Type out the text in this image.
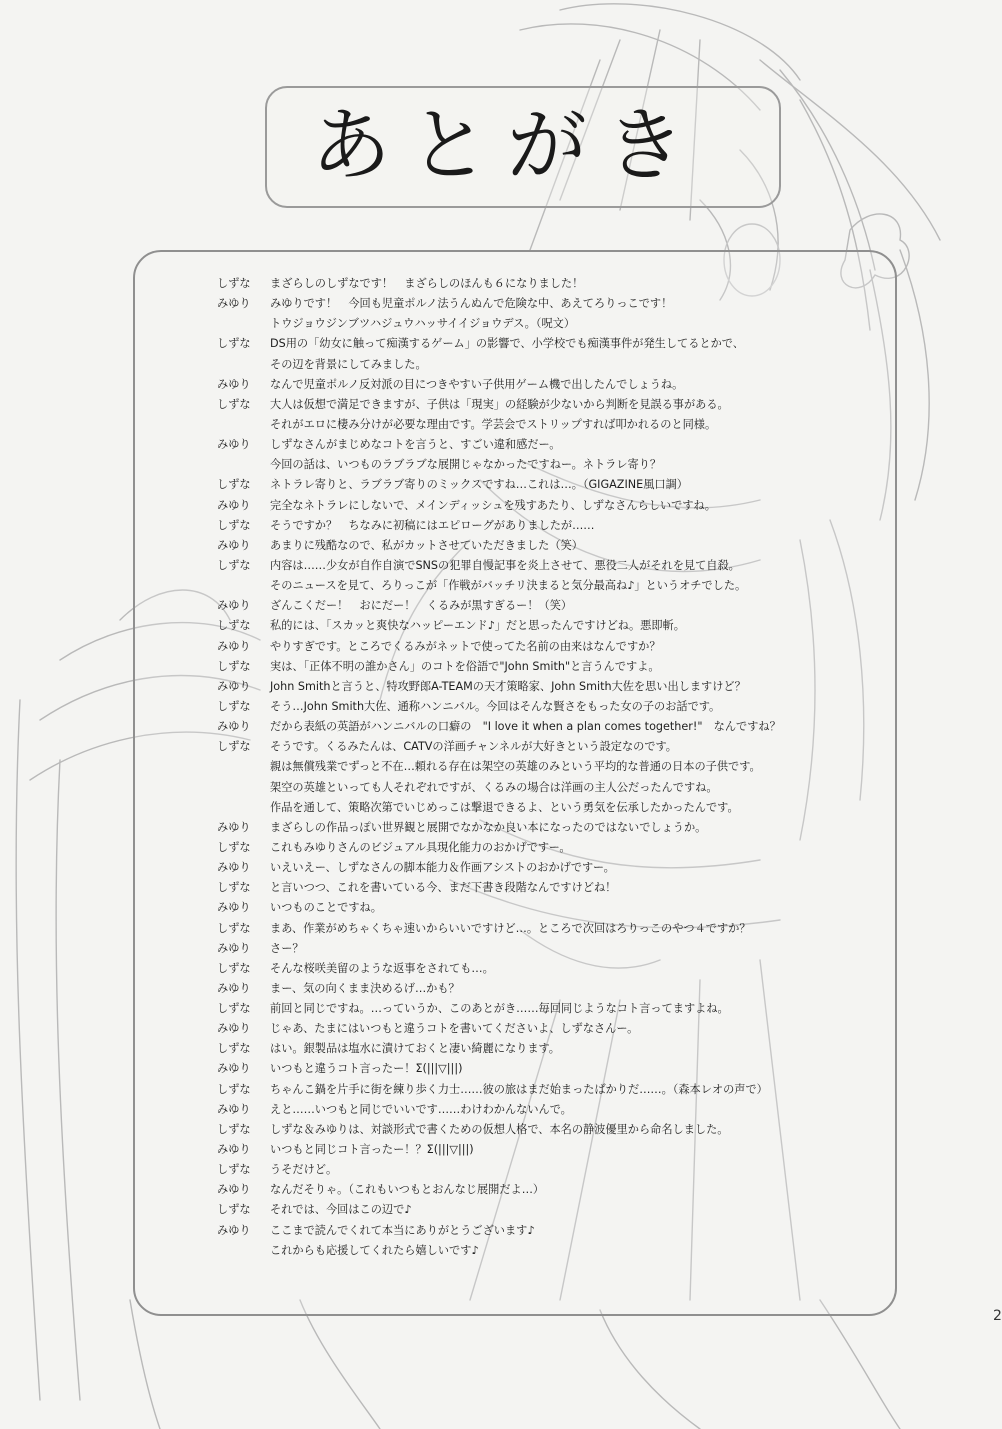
あとがき
しずな	まざらしのしずなです！　まざらしのほんも６になりました！
みゆり	みゆりです！　今回も児童ポルノ法うんぬんで危険な中、あえてろりっこです！
トウジョウジンブツハジュウハッサイイジョウデス。（呪文）
しずな	DS用の「幼女に触って痴漢するゲーム」の影響で、小学校でも痴漢事件が発生してるとかで、
その辺を背景にしてみました。
みゆり	なんで児童ポルノ反対派の目につきやすい子供用ゲーム機で出したんでしょうね。
しずな	大人は仮想で満足できますが、子供は「現実」の経験が少ないから判断を見誤る事がある。
それがエロに棲み分けが必要な理由です。学芸会でストリップすれば叩かれるのと同様。
みゆり	しずなさんがまじめなコトを言うと、すごい違和感だー。
今回の話は、いつものラブラブな展開じゃなかったですねー。ネトラレ寄り？
しずな	ネトラレ寄りと、ラブラブ寄りのミックスですね…これは…。（GIGAZINE風口調）
みゆり	完全なネトラレにしないで、メインディッシュを残すあたり、しずなさんらしいですね。
しずな	そうですか？　ちなみに初稿にはエピローグがありましたが……
みゆり	あまりに残酷なので、私がカットさせていただきました（笑）
しずな	内容は……少女が自作自演でSNSの犯罪自慢記事を炎上させて、悪役二人がそれを見て自殺。
そのニュースを見て、ろりっこが「作戦がバッチリ決まると気分最高ね♪」というオチでした。
みゆり	ざんこくだー！　おにだー！　くるみが黒すぎるー！（笑）
しずな	私的には、「スカッと爽快なハッピーエンド♪」だと思ったんですけどね。悪即斬。
みゆり	やりすぎです。ところでくるみがネットで使ってた名前の由来はなんですか？
しずな	実は、「正体不明の誰かさん」のコトを俗語で"John Smith"と言うんですよ。
みゆり	John Smithと言うと、特攻野郎A-TEAMの天才策略家、John Smith大佐を思い出しますけど？
しずな	そう…John Smith大佐、通称ハンニバル。今回はそんな賢さをもった女の子のお話です。
みゆり	だから表紙の英語がハンニバルの口癖の　"I love it when a plan comes together!"　なんですね？
しずな	そうです。くるみたんは、CATVの洋画チャンネルが大好きという設定なのです。
親は無償残業でずっと不在…頼れる存在は架空の英雄のみという平均的な普通の日本の子供です。
架空の英雄といっても人それぞれですが、くるみの場合は洋画の主人公だったんですね。
作品を通して、策略次第でいじめっこは撃退できるよ、という勇気を伝承したかったんです。
みゆり	まざらしの作品っぽい世界観と展開でなかなか良い本になったのではないでしょうか。
しずな	これもみゆりさんのビジュアル具現化能力のおかげですー。
みゆり	いえいえー、しずなさんの脚本能力＆作画アシストのおかげですー。
しずな	と言いつつ、これを書いている今、まだ下書き段階なんですけどね！
みゆり	いつものことですね。
しずな	まあ、作業がめちゃくちゃ速いからいいですけど…。ところで次回はろりっこのやつ４ですか？
みゆり	さー？
しずな	そんな桜咲美留のような返事をされても…。
みゆり	まー、気の向くまま決めるげ…かも？
しずな	前回と同じですね。…っていうか、このあとがき……毎回同じようなコト言ってますよね。
みゆり	じゃあ、たまにはいつもと違うコトを書いてくださいよ、しずなさんー。
しずな	はい。銀製品は塩水に漬けておくと凄い綺麗になります。
みゆり	いつもと違うコト言ったー！Σ(|||▽|||)
しずな	ちゃんこ鍋を片手に街を練り歩く力士……彼の旅はまだ始まったばかりだ……。（森本レオの声で）
みゆり	えと……いつもと同じでいいです……わけわかんないんで。
しずな	しずな＆みゆりは、対談形式で書くための仮想人格で、本名の静波優里から命名しました。
みゆり	いつもと同じコト言ったー！？Σ(|||▽|||)
しずな	うそだけど。
みゆり	なんだそりゃ。（これもいつもとおんなじ展開だよ…）
しずな	それでは、今回はこの辺で♪
みゆり	ここまで読んでくれて本当にありがとうございます♪
これからも応援してくれたら嬉しいです♪
2
